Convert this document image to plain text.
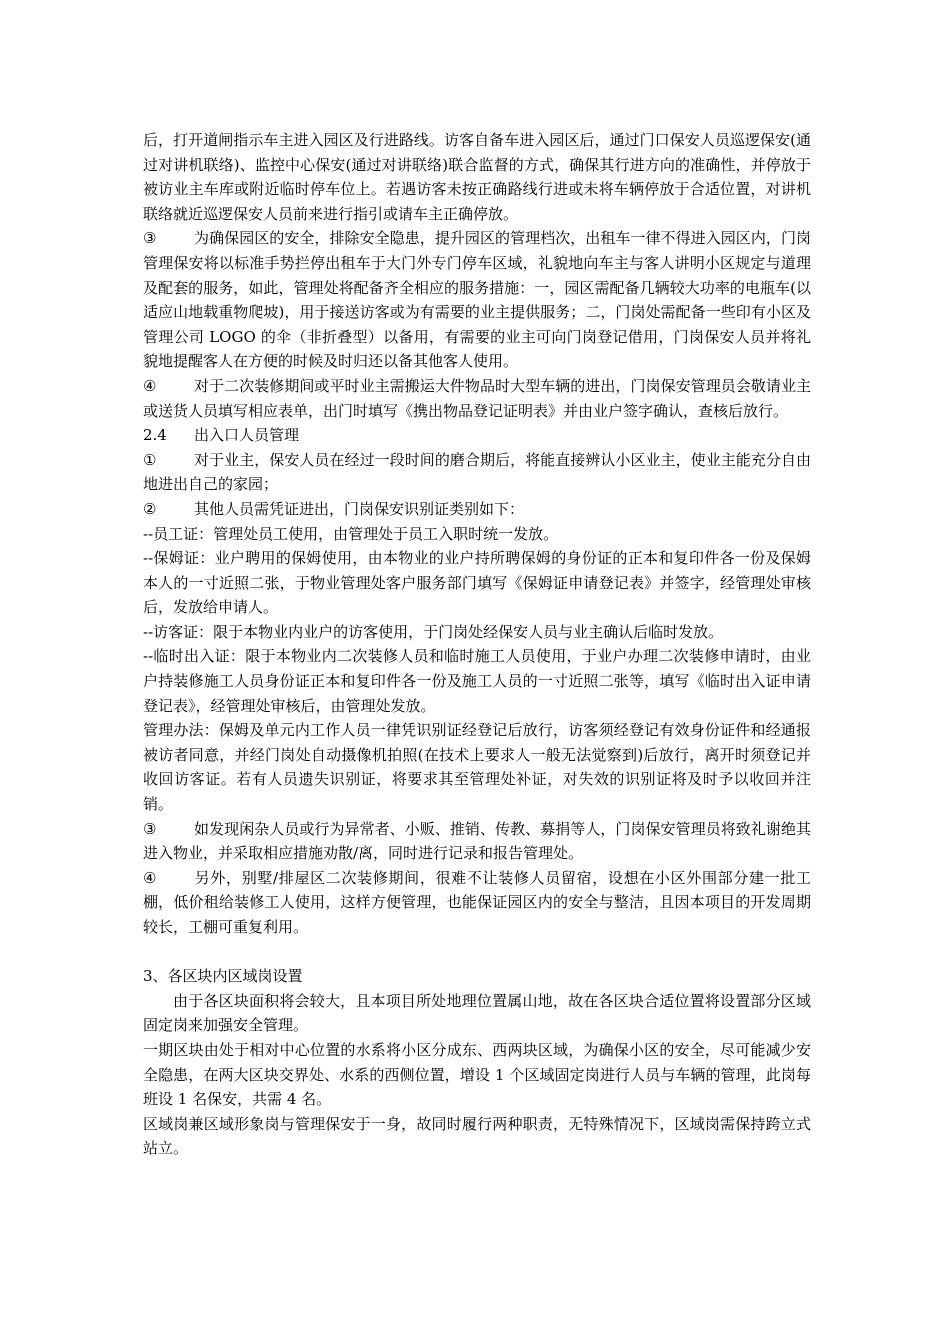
后，打开道闸指示车主进入园区及行进路线。访客自备车进入园区后，通过门口保安人员巡逻保安(通过对讲机联络)、监控中心保安(通过对讲联络)联合监督的方式，确保其行进方向的准确性，并停放于被访业主车库或附近临时停车位上。若遇访客未按正确路线行进或未将车辆停放于合适位置，对讲机联络就近巡逻保安人员前来进行指引或请车主正确停放。

③	为确保园区的安全，排除安全隐患，提升园区的管理档次，出租车一律不得进入园区内，门岗管理保安将以标准手势拦停出租车于大门外专门停车区域，礼貌地向车主与客人讲明小区规定与道理及配套的服务，如此，管理处将配备齐全相应的服务措施：一，园区需配备几辆较大功率的电瓶车(以适应山地载重物爬坡)，用于接送访客或为有需要的业主提供服务；二，门岗处需配备一些印有小区及管理公司 LOGO 的伞（非折叠型）以备用，有需要的业主可向门岗登记借用，门岗保安人员并将礼貌地提醒客人在方便的时候及时归还以备其他客人使用。

④	对于二次装修期间或平时业主需搬运大件物品时大型车辆的进出，门岗保安管理员会敬请业主或送货人员填写相应表单，出门时填写《携出物品登记证明表》并由业户签字确认，查核后放行。

2.4 出入口人员管理

①	对于业主，保安人员在经过一段时间的磨合期后，将能直接辨认小区业主，使业主能充分自由地进出自己的家园；

②	其他人员需凭证进出，门岗保安识别证类别如下：

--员工证：管理处员工使用，由管理处于员工入职时统一发放。

--保姆证：业户聘用的保姆使用，由本物业的业户持所聘保姆的身份证的正本和复印件各一份及保姆本人的一寸近照二张，于物业管理处客户服务部门填写《保姆证申请登记表》并签字，经管理处审核后，发放给申请人。

--访客证：限于本物业内业户的访客使用，于门岗处经保安人员与业主确认后临时发放。

--临时出入证：限于本物业内二次装修人员和临时施工人员使用，于业户办理二次装修申请时，由业户持装修施工人员身份证正本和复印件各一份及施工人员的一寸近照二张等，填写《临时出入证申请登记表》，经管理处审核后，由管理处发放。

管理办法：保姆及单元内工作人员一律凭识别证经登记后放行，访客须经登记有效身份证件和经通报被访者同意，并经门岗处自动摄像机拍照(在技术上要求人一般无法觉察到)后放行，离开时须登记并收回访客证。若有人员遗失识别证，将要求其至管理处补证，对失效的识别证将及时予以收回并注销。

③	如发现闲杂人员或行为异常者、小贩、推销、传教、募捐等人，门岗保安管理员将致礼谢绝其进入物业，并采取相应措施劝散/离，同时进行记录和报告管理处。

④	另外，别墅/排屋区二次装修期间，很难不让装修人员留宿，设想在小区外围部分建一批工棚，低价租给装修工人使用，这样方便管理，也能保证园区内的安全与整洁，且因本项目的开发周期较长，工棚可重复利用。

3、各区块内区域岗设置

由于各区块面积将会较大，且本项目所处地理位置属山地，故在各区块合适位置将设置部分区域固定岗来加强安全管理。

一期区块由处于相对中心位置的水系将小区分成东、西两块区域，为确保小区的安全，尽可能减少安全隐患，在两大区块交界处、水系的西侧位置，增设 1 个区域固定岗进行人员与车辆的管理，此岗每班设 1 名保安，共需 4 名。

区域岗兼区域形象岗与管理保安于一身，故同时履行两种职责，无特殊情况下，区域岗需保持跨立式站立。
